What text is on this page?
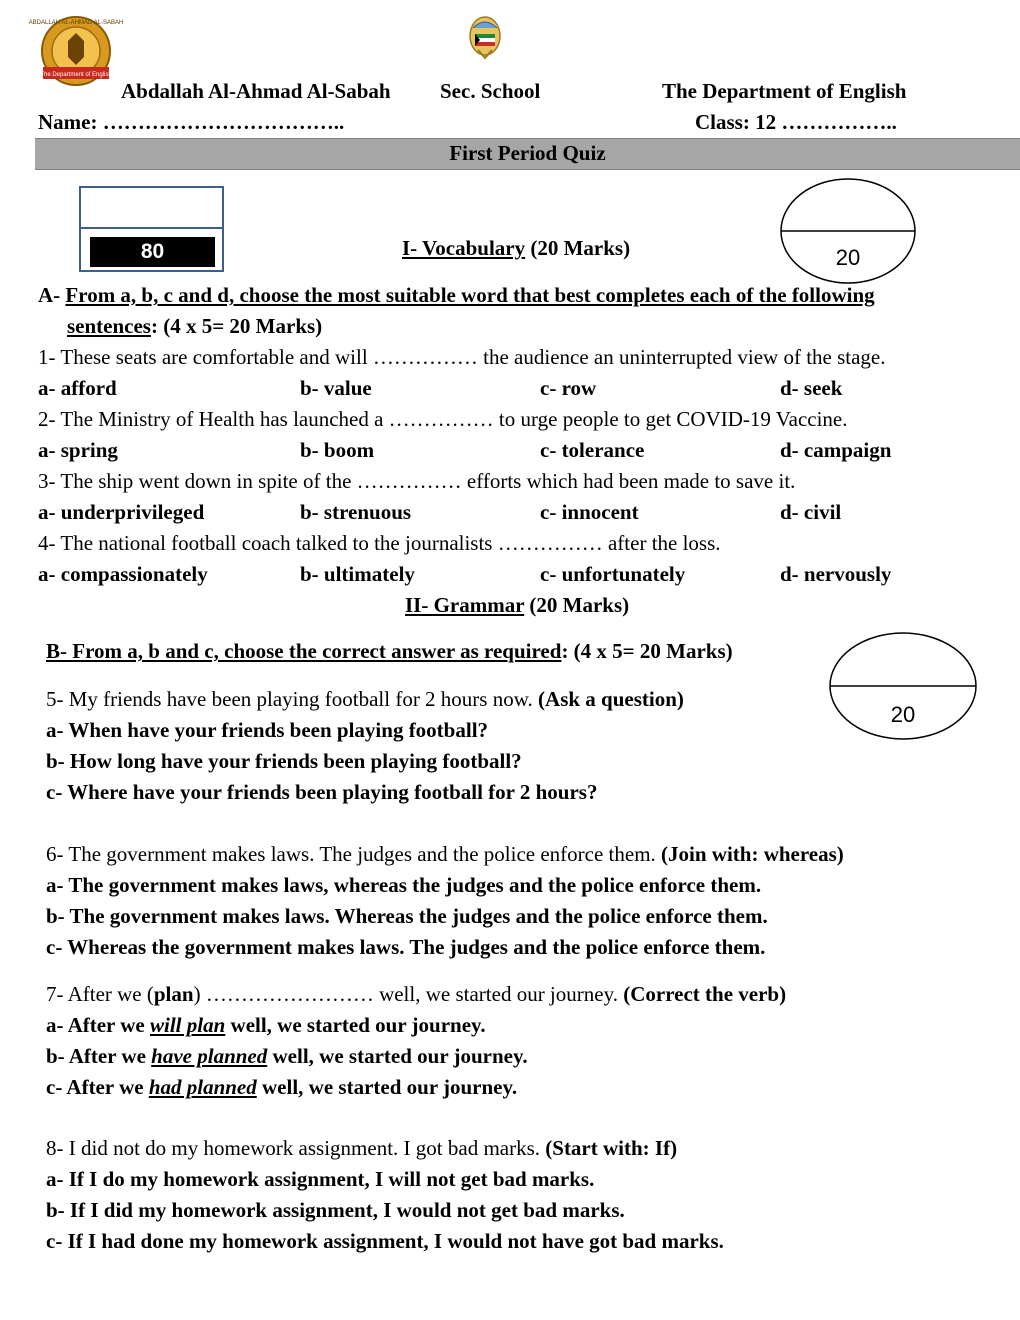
The Department of English
ABDALLAH AL-AHMAD AL-SABAH
Abdallah Al-Ahmad Al-Sabah Sec. School	The Department of English
Name: ……………………………..	Class: 12 ……………..
First Period Quiz
80	I- Vocabulary (20 Marks)	20
A- From a, b, c and d, choose the most suitable word that best completes each of the following
sentences: (4 x 5= 20 Marks)
1- These seats are comfortable and will …………… the audience an uninterrupted view of the stage.
a- afford	b- value	c- row	d- seek
2- The Ministry of Health has launched a …………… to urge people to get COVID-19 Vaccine.
a- spring	b- boom	c- tolerance	d- campaign
3- The ship went down in spite of the …………… efforts which had been made to save it.
a- underprivileged	b- strenuous	c- innocent	d- civil
4- The national football coach talked to the journalists …………… after the loss.
a- compassionately	b- ultimately	c- unfortunately	d- nervously
II- Grammar (20 Marks)
B- From a, b and c, choose the correct answer as required: (4 x 5= 20 Marks)
20
5- My friends have been playing football for 2 hours now. (Ask a question)
a- When have your friends been playing football?
b- How long have your friends been playing football?
c- Where have your friends been playing football for 2 hours?
6- The government makes laws. The judges and the police enforce them. (Join with: whereas)
a- The government makes laws, whereas the judges and the police enforce them.
b- The government makes laws. Whereas the judges and the police enforce them.
c- Whereas the government makes laws. The judges and the police enforce them.
7- After we (plan) …………………… well, we started our journey. (Correct the verb)
a- After we will plan well, we started our journey.
b- After we have planned well, we started our journey.
c- After we had planned well, we started our journey.
8- I did not do my homework assignment. I got bad marks. (Start with: If)
a- If I do my homework assignment, I will not get bad marks.
b- If I did my homework assignment, I would not get bad marks.
c- If I had done my homework assignment, I would not have got bad marks.
